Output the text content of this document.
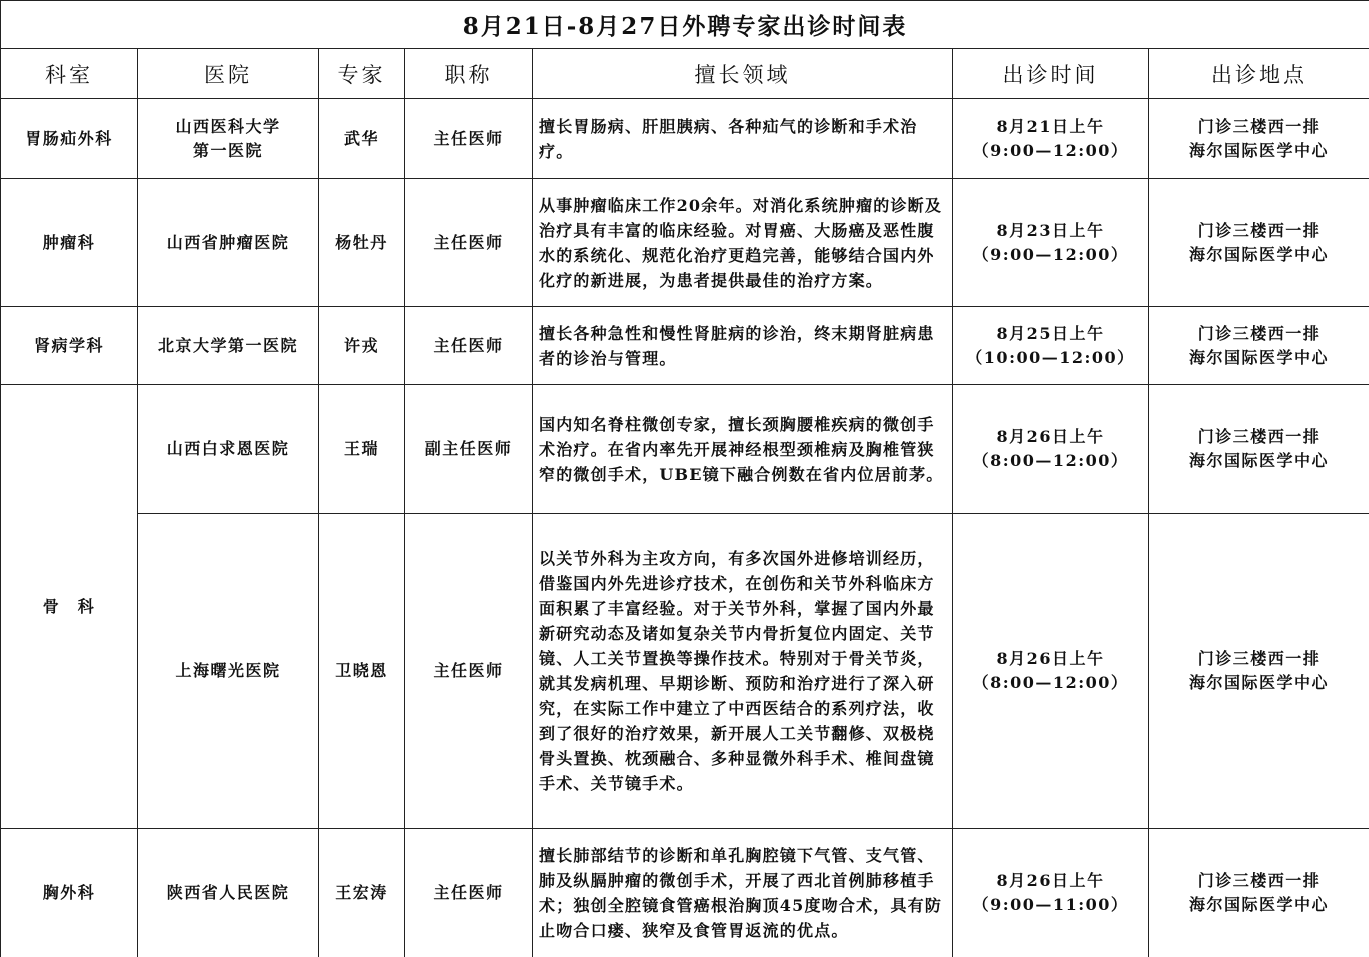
8月21日-8月27日外聘专家出诊时间表						
科室	医院	专家	职称	擅长领域	出诊时间	出诊地点
胃肠疝外科	山西医科大学
第一医院	武华	主任医师	擅长胃肠病、肝胆胰病、各种疝气的诊断和手术治疗。	8月21日上午
（9:00—12:00）	门诊三楼西一排
海尔国际医学中心

肿瘤科	山西省肿瘤医院	杨牡丹	主任医师	从事肿瘤临床工作20余年。对消化系统肿瘤的诊断及治疗具有丰富的临床经验。对胃癌、大肠癌及恶性腹水的系统化、规范化治疗更趋完善，能够结合国内外化疗的新进展，为患者提供最佳的治疗方案。	8月23日上午
（9:00—12:00）	门诊三楼西一排
海尔国际医学中心

肾病学科	北京大学第一医院	许戎	主任医师	擅长各种急性和慢性肾脏病的诊治，终末期肾脏病患者的诊治与管理。	8月25日上午
（10:00—12:00）	门诊三楼西一排
海尔国际医学中心

骨　科	山西白求恩医院	王瑞	副主任医师	国内知名脊柱微创专家，擅长颈胸腰椎疾病的微创手术治疗。在省内率先开展神经根型颈椎病及胸椎管狭窄的微创手术，UBE镜下融合例数在省内位居前茅。	8月26日上午
（8:00—12:00）	门诊三楼西一排
海尔国际医学中心

	上海曙光医院	卫晓恩	主任医师	以关节外科为主攻方向，有多次国外进修培训经历，借鉴国内外先进诊疗技术，在创伤和关节外科临床方面积累了丰富经验。对于关节外科，掌握了国内外最新研究动态及诸如复杂关节内骨折复位内固定、关节镜、人工关节置换等操作技术。特别对于骨关节炎，就其发病机理、早期诊断、预防和治疗进行了深入研究，在实际工作中建立了中西医结合的系列疗法，收到了很好的治疗效果，新开展人工关节翻修、双极桡骨头置换、枕颈融合、多种显微外科手术、椎间盘镜手术、关节镜手术。	8月26日上午
（8:00—12:00）	门诊三楼西一排
海尔国际医学中心

胸外科	陕西省人民医院	王宏涛	主任医师	擅长肺部结节的诊断和单孔胸腔镜下气管、支气管、肺及纵膈肿瘤的微创手术，开展了西北首例肺移植手术；独创全腔镜食管癌根治胸顶45度吻合术，具有防止吻合口瘘、狭窄及食管胃返流的优点。	8月26日上午
（9:00—11:00）	门诊三楼西一排
海尔国际医学中心
